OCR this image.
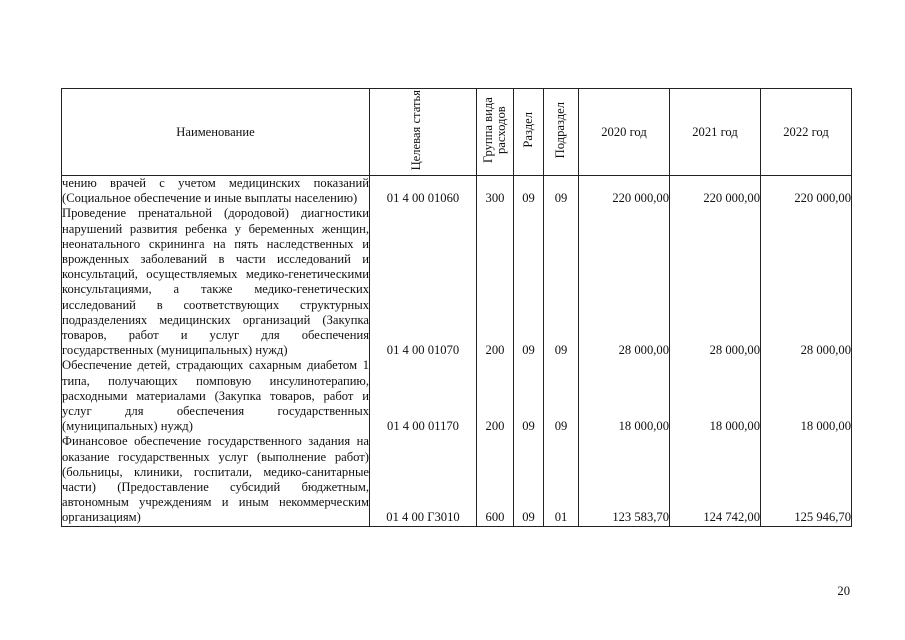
Наименование	Целевая статья	Группа вида расходов	Раздел	Подраздел	2020 год	2021 год	2022 год
чению врачей с учетом медицинских показаний (Социальное обеспечение и иные выплаты населению)	01 4 00 01060	300	09	09	220 000,00	220 000,00	220 000,00
Проведение пренатальной (дородовой) диагностики нарушений развития ребенка у беременных женщин, неонатального скрининга на пять наследственных и врожденных заболеваний в части исследований и консультаций, осуществляемых медико-генетическими консультациями, а также медико-генетических исследований в соответствующих структурных подразделениях медицинских организаций (Закупка товаров, работ и услуг для обеспечения государственных (муниципальных) нужд)	01 4 00 01070	200	09	09	28 000,00	28 000,00	28 000,00
Обеспечение детей, страдающих сахарным диабетом 1 типа, получающих помповую инсулинотерапию, расходными материалами (Закупка товаров, работ и услуг для обеспечения государственных (муниципальных) нужд)	01 4 00 01170	200	09	09	18 000,00	18 000,00	18 000,00
Финансовое обеспечение государственного задания на оказание государственных услуг (выполнение работ) (больницы, клиники, госпитали, медико-санитарные части) (Предоставление субсидий бюджетным, автономным учреждениям и иным некоммерческим организациям)	01 4 00 Г3010	600	09	01	123 583,70	124 742,00	125 946,70
20
